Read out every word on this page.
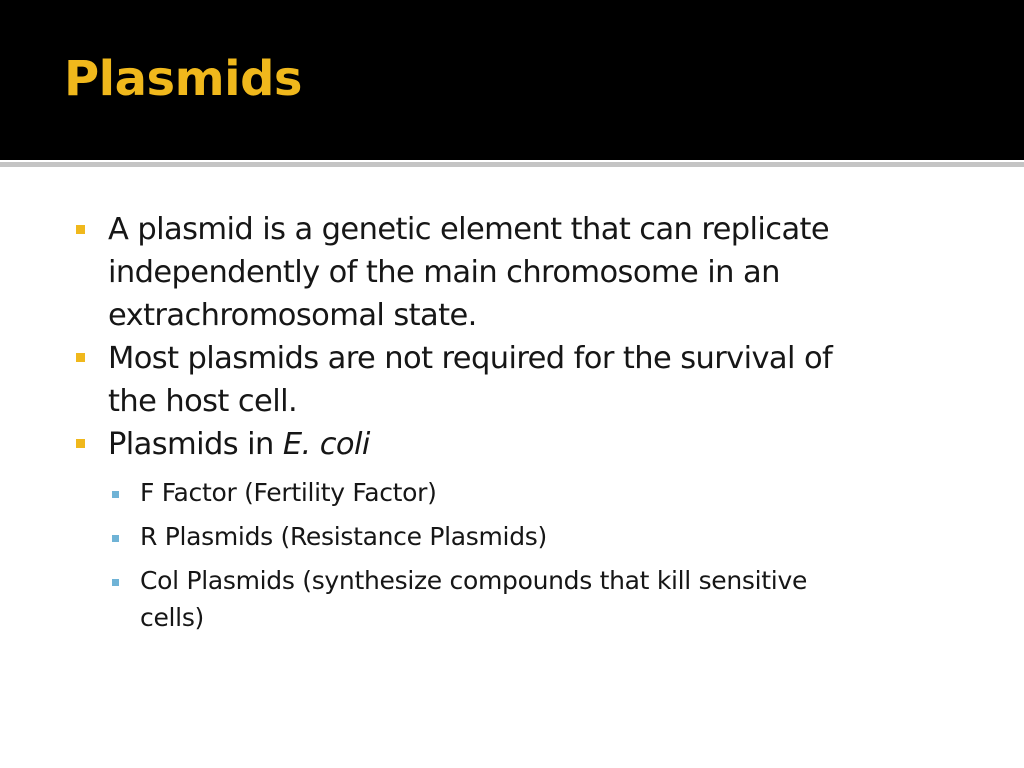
Plasmids
A plasmid is a genetic element that can replicate
independently of the main chromosome in an
extrachromosomal state.
Most plasmids are not required for the survival of
the host cell.
Plasmids in E. coli
F Factor (Fertility Factor)
R Plasmids (Resistance Plasmids)
Col Plasmids (synthesize compounds that kill sensitive
cells)
